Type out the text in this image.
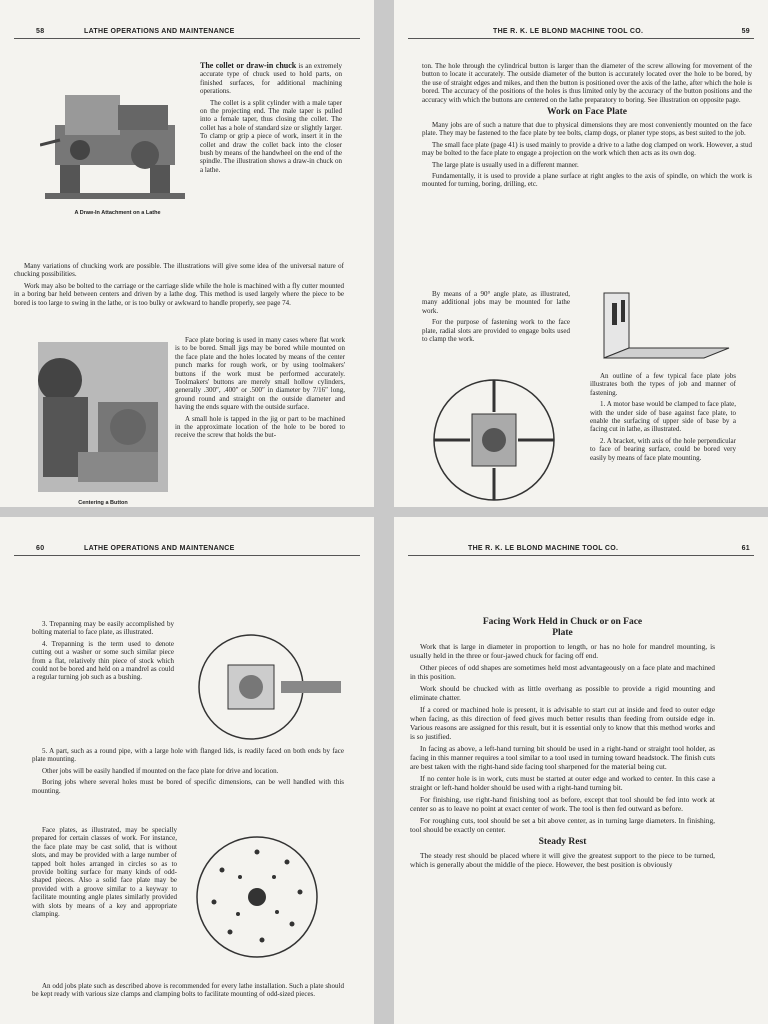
58	LATHE OPERATIONS AND MAINTENANCE
A Draw-In Attachment on a Lathe

The collet or draw-in chuck is an extremely accurate type of chuck used to hold parts, on finished surfaces, for additional machining operations.

The collet is a split cylinder with a male taper on the projecting end. The male taper is pulled into a female taper, thus closing the collet. The collet has a hole of standard size or slightly larger. To clamp or grip a piece of work, insert it in the collet and draw the collet back into the closer bush by means of the handwheel on the end of the spindle. The illustration shows a draw-in chuck on a lathe.

Many variations of chucking work are possible. The illustrations will give some idea of the universal nature of chucking possibilities.

Work may also be bolted to the carriage or the carriage slide while the hole is machined with a fly cutter mounted in a boring bar held between centers and driven by a lathe dog. This method is used largely where the piece to be bored is too large to swing in the lathe, or is too bulky or awkward to handle properly, see page 74.

Centering a Button

Face plate boring is used in many cases where flat work is to be bored. Small jigs may be bored while mounted on the face plate and the holes located by means of the center punch marks for rough work, or by using toolmakers' buttons if the work must be performed accurately. Toolmakers' buttons are merely small hollow cylinders, generally .300″, .400″ or .500″ in diameter by 7/16″ long, ground round and straight on the outside diameter and having the ends square with the outside surface.

A small hole is tapped in the jig or part to be machined in the approximate location of the hole to be bored to receive the screw that holds the but-

THE R. K. LE BLOND MACHINE TOOL CO.	59

ton. The hole through the cylindrical button is larger than the diameter of the screw allowing for movement of the button to locate it accurately. The outside diameter of the button is accurately located over the hole to be bored, by the use of straight edges and mikes, and then the button is positioned over the axis of the lathe, after which the hole is bored. The accuracy of the positions of the holes is thus limited only by the accuracy of the button positions and the accuracy with which the buttons are centered on the lathe preparatory to boring. See illustration on opposite page.

Work on Face Plate

Many jobs are of such a nature that due to physical dimensions they are most conveniently mounted on the face plate. They may be fastened to the face plate by tee bolts, clamp dogs, or planer type stops, as best suited to the job.

The small face plate (page 41) is used mainly to provide a drive to a lathe dog clamped on work. However, a stud may be bolted to the face plate to engage a projection on the work which then acts as its own dog.

The large plate is usually used in a different manner.

Fundamentally, it is used to provide a plane surface at right angles to the axis of spindle, on which the work is mounted for turning, boring, drilling, etc.

By means of a 90° angle plate, as illustrated, many additional jobs may be mounted for lathe work.

For the purpose of fastening work to the face plate, radial slots are provided to engage bolts used to clamp the work.

An outline of a few typical face plate jobs illustrates both the types of job and manner of fastening.

1. A motor base would be clamped to face plate, with the under side of base against face plate, to enable the surfacing of upper side of base by a facing cut in lathe, as illustrated.

2. A bracket, with axis of the hole perpendicular to face of bearing surface, could be bored very easily by means of face plate mounting.

60	LATHE OPERATIONS AND MAINTENANCE

3. Trepanning may be easily accomplished by bolting material to face plate, as illustrated.

4. Trepanning is the term used to denote cutting out a washer or some such similar piece from a flat, relatively thin piece of stock which could not be bored and held on a mandrel as could a regular turning job such as a bushing.

5. A part, such as a round pipe, with a large hole with flanged lids, is readily faced on both ends by face plate mounting.

Other jobs will be easily handled if mounted on the face plate for drive and location.

Boring jobs where several holes must be bored of specific dimensions, can be well handled with this mounting.

Face plates, as illustrated, may be specially prepared for certain classes of work. For instance, the face plate may be cast solid, that is without slots, and may be provided with a large number of tapped bolt holes arranged in circles so as to provide bolting surface for many kinds of odd-shaped pieces. Also a solid face plate may be provided with a groove similar to a keyway to facilitate mounting angle plates similarly provided with slots by means of a key and appropriate clamping.

An odd jobs plate such as described above is recommended for every lathe installation. Such a plate should be kept ready with various size clamps and clamping bolts to facilitate mounting of odd-sized pieces.

THE R. K. LE BLOND MACHINE TOOL CO.	61

Facing Work Held in Chuck or on Face Plate

Work that is large in diameter in proportion to length, or has no hole for mandrel mounting, is usually held in the three or four-jawed chuck for facing off end.

Other pieces of odd shapes are sometimes held most advantageously on a face plate and machined in this position.

Work should be chucked with as little overhang as possible to provide a rigid mounting and eliminate chatter.

If a cored or machined hole is present, it is advisable to start cut at inside and feed to outer edge when facing, as this direction of feed gives much better results than feeding from outside edge in. Various reasons are assigned for this result, but it is essential only to know that this method works and is so justified.

In facing as above, a left-hand turning bit should be used in a right-hand or straight tool holder, as facing in this manner requires a tool similar to a tool used in turning toward headstock. The finish cuts are best taken with the right-hand side facing tool sharpened for the material being cut.

If no center hole is in work, cuts must be started at outer edge and worked to center. In this case a straight or left-hand holder should be used with a right-hand turning bit.

For finishing, use right-hand finishing tool as before, except that tool should be fed into work at center so as to leave no point at exact center of work. The tool is then fed outward as before.

For roughing cuts, tool should be set a bit above center, as in turning large diameters. In finishing, tool should be exactly on center.

Steady Rest

The steady rest should be placed where it will give the greatest support to the piece to be turned, which is generally about the middle of the piece. However, the best position is obviously
